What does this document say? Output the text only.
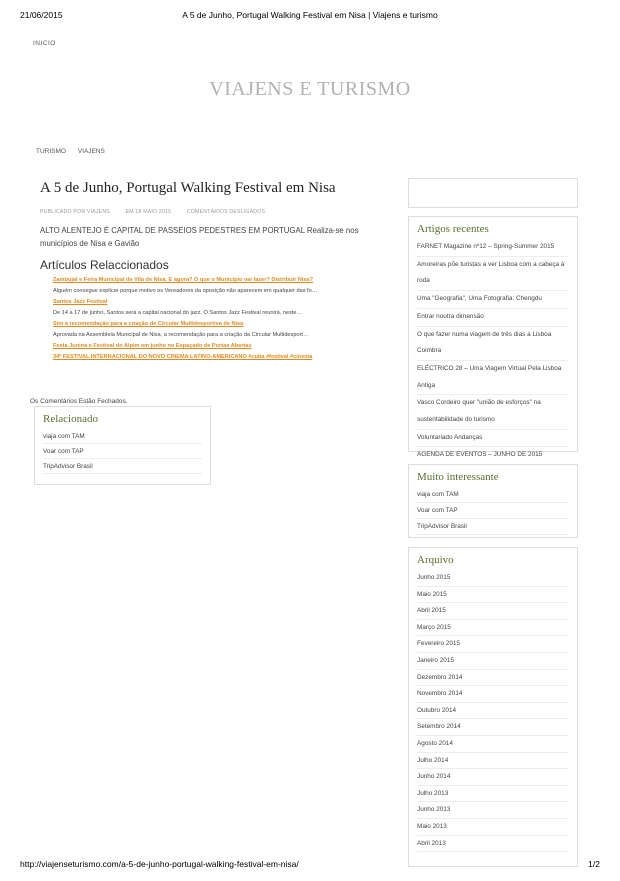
21/06/2015	A 5 de Junho, Portugal Walking Festival em Nisa | Viajens e turismo
INICIO
VIAJENS E TURISMO
TURISMO VIAJENS
A 5 de Junho, Portugal Walking Festival em Nisa
PUBLICADO POR VIAJENS	EM 18 MAIO 2015	COMENTÁRIOS DESLIGADOS
ALTO ALENTEJO É CAPITAL DE PASSEIOS PEDESTRES EM PORTUGAL Realiza-se nos municípios de Nisa e Gavião
Artículos Relaccionados
Zambujal e Feira Municipal de Vila de Nisa, E agora? O que o Município vai fazer? Distribuir Nisa?
Alguém consegue explicar porque motivo os Vereadores da oposição não aparecem em qualquer das fo…
Santos Jazz Festival
De 14 a 17 de junho, Santos será a capital nacional do jazz. O Santos Jazz Festival reunirá, neste…
Sim à recomendação para a criação de Circular Multidesportiva de Nisa
Aprovada na Assembleia Municipal de Nisa, a recomendação para a criação da Circular Multidesport…
Festa Junina e Festival do Alpim em junho no Espaçado de Portas Abertas
34º FESTIVAL INTERNACIONAL DO NOVO CINEMA LATINO-AMERICANO #cuba #festival #cinema
Os Comentários Estão Fechados.
Relacionado
viaja com TAM
Voar com TAP
TripAdvisor Brasil
Artigos recentes
FARNET Magazine nº12 – Spring-Summer 2015
Amoreiras põe turistas a ver Lisboa com a cabeça à roda
Uma "Geografia", Uma Fotografia: Chengdu
Entrar noutra dimensão
O que fazer numa viagem de três dias a Lisboa Coimbra
ELÉCTRICO 28 – Uma Viagem Virtual Pela Lisboa Antiga
Vasco Cordeiro quer "união de esforços" na sustentabilidade do turismo
Voluntariado Andanças
AGENDA DE EVENTOS – JUNHO DE 2015
Muito interessante
viaja com TAM
Voar com TAP
TripAdvisor Brasil
Arquivo
Junho 2015
Maio 2015
Abril 2015
Março 2015
Fevereiro 2015
Janeiro 2015
Dezembro 2014
Novembro 2014
Outubro 2014
Setembro 2014
Agosto 2014
Julho 2014
Junho 2014
Julho 2013
Junho 2013
Maio 2013
Abril 2013
http://viajenseturismo.com/a-5-de-junho-portugal-walking-festival-em-nisa/	1/2
